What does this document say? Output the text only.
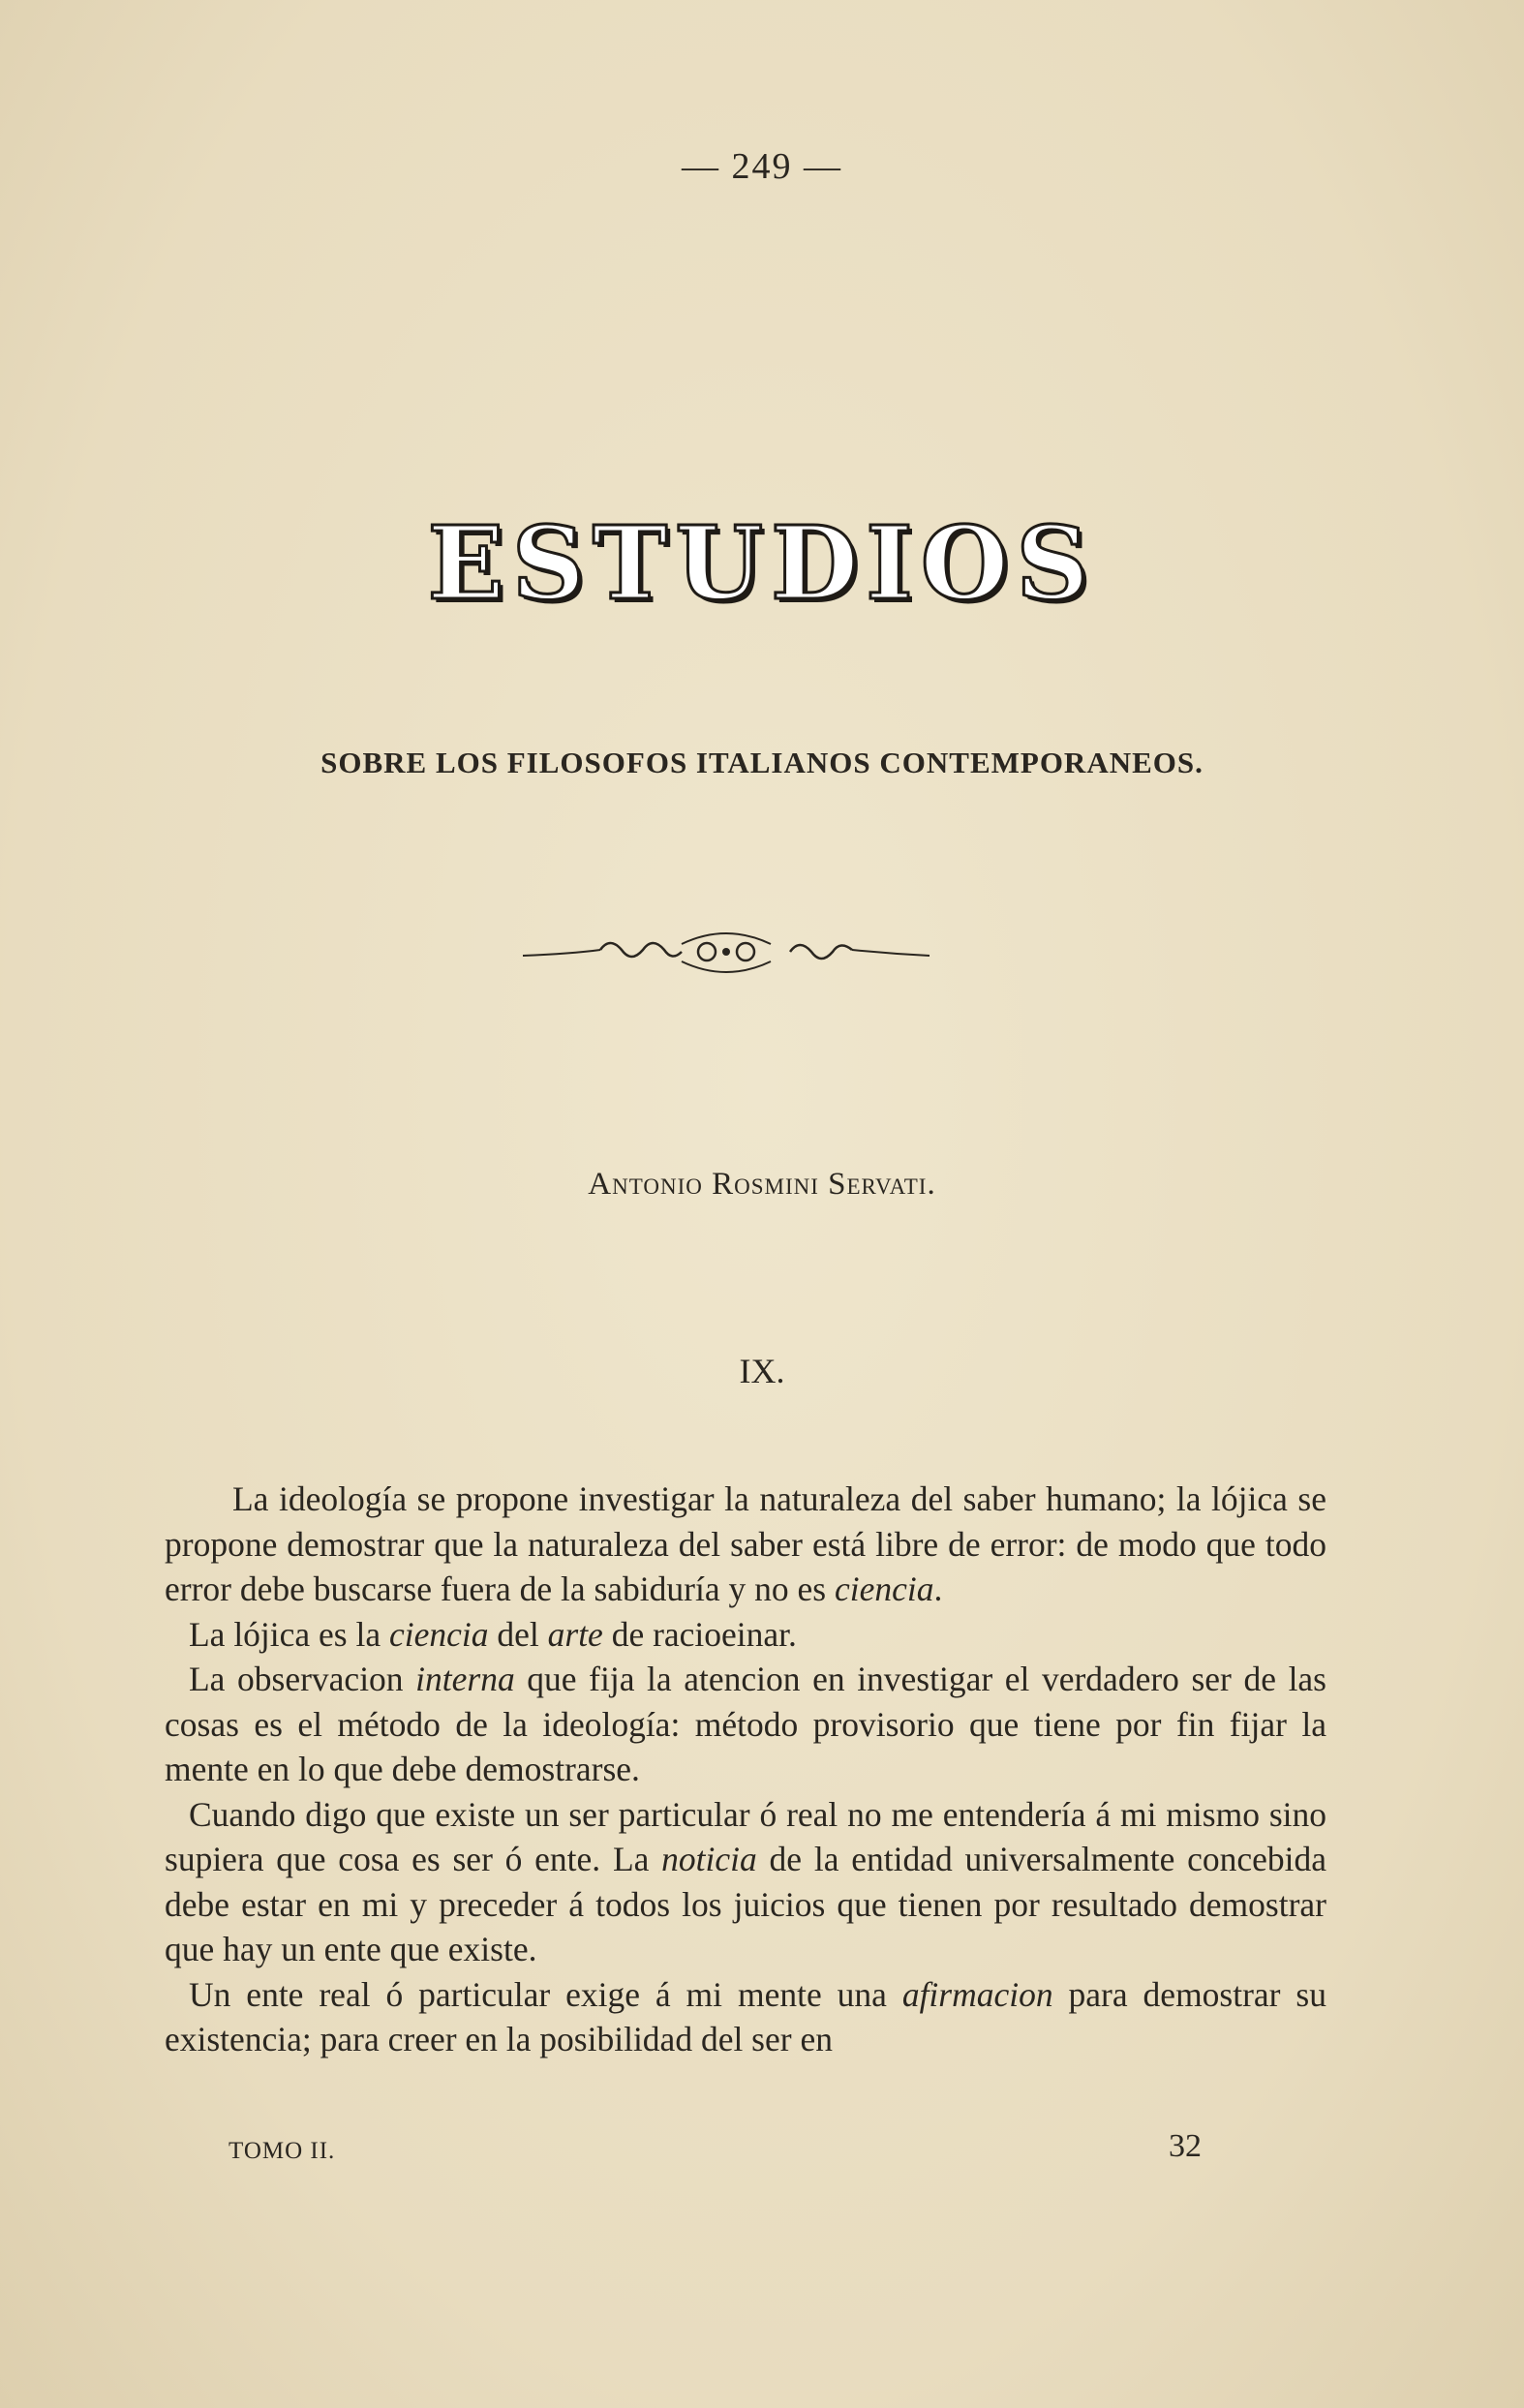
— 249 —
ESTUDIOS
SOBRE LOS FILOSOFOS ITALIANOS CONTEMPORANEOS.
Antonio Rosmini Servati.
IX.

La ideología se propone investigar la naturaleza del saber humano; la lójica se propone demostrar que la naturaleza del saber está libre de error: de modo que todo error debe buscarse fuera de la sabiduría y no es ciencia.

La lójica es la ciencia del arte de racioeinar.

La observacion interna que fija la atencion en investigar el verdadero ser de las cosas es el método de la ideología: método provisorio que tiene por fin fijar la mente en lo que debe demostrarse.

Cuando digo que existe un ser particular ó real no me entendería á mi mismo sino supiera que cosa es ser ó ente. La noticia de la entidad universalmente concebida debe estar en mi y preceder á todos los juicios que tienen por resultado demostrar que hay un ente que existe.

Un ente real ó particular exige á mi mente una afirmacion para demostrar su existencia; para creer en la posibilidad del ser en

TOMO II.	32
